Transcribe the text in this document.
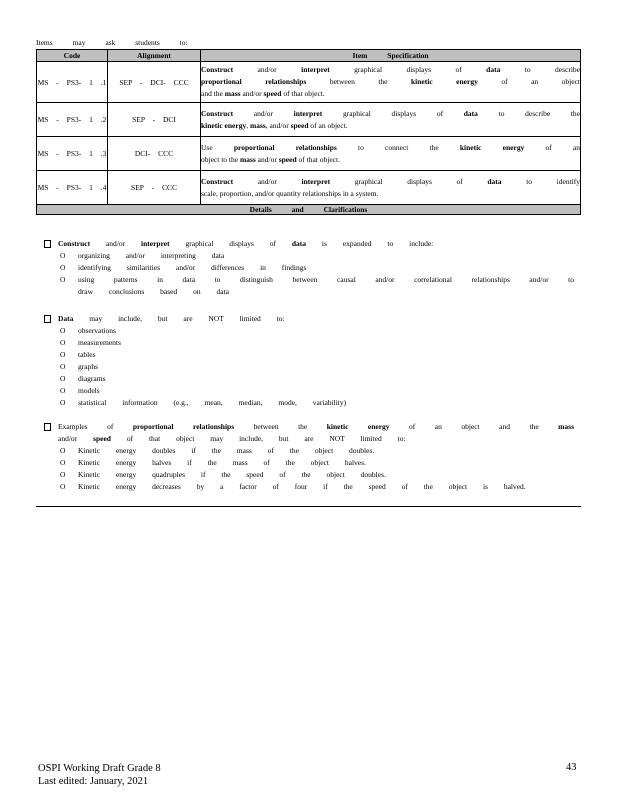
Items may ask students to:
Code	Alignment	Item Specification
MS - PS3- 1 .1	SEP - DCI- CCC	Construct and/or interpret graphical displays of data to describe
proportional relationships between the kinetic energy of an object
and the mass and/or speed of that object.

MS - PS3- 1 .2	SEP - DCI	Construct and/or interpret graphical displays of data to describe the
kinetic energy, mass, and/or speed of an object.

MS - PS3- 1 .3	DCI- CCC	Use proportional relationships to connect the kinetic energy of an
object to the mass and/or speed of that object.

MS - PS3- 1 .4	SEP - CCC	Construct and/or interpret graphical displays of data to identify
scale, proportion, and/or quantity relationships in a system.

Details and Clarifications		
Construct and/or interpret graphical displays of data is expanded to include:
O organizing and/or interpreting data
O identifying similarities and/or differences in findings
O using patterns in data to distinguish between causal and/or correlational relationships and/or to
draw conclusions based on data
Data may include, but are NOT limited to:
O observations
O measurements
O tables
O graphs
O diagrams
O models
O statistical information (e.g., mean, median, mode, variability)
Examples of proportional relationships between the kinetic energy of an object and the mass
and/or speed of that object may include, but are NOT limited to:
O Kinetic energy doubles if the mass of the object doubles.
O Kinetic energy halves if the mass of the object halves.
O Kinetic energy quadruples if the speed of the object doubles.
O Kinetic energy decreases by a factor of four if the speed of the object is halved.
OSPI Working Draft Grade 8
Last edited: January, 2021
43
